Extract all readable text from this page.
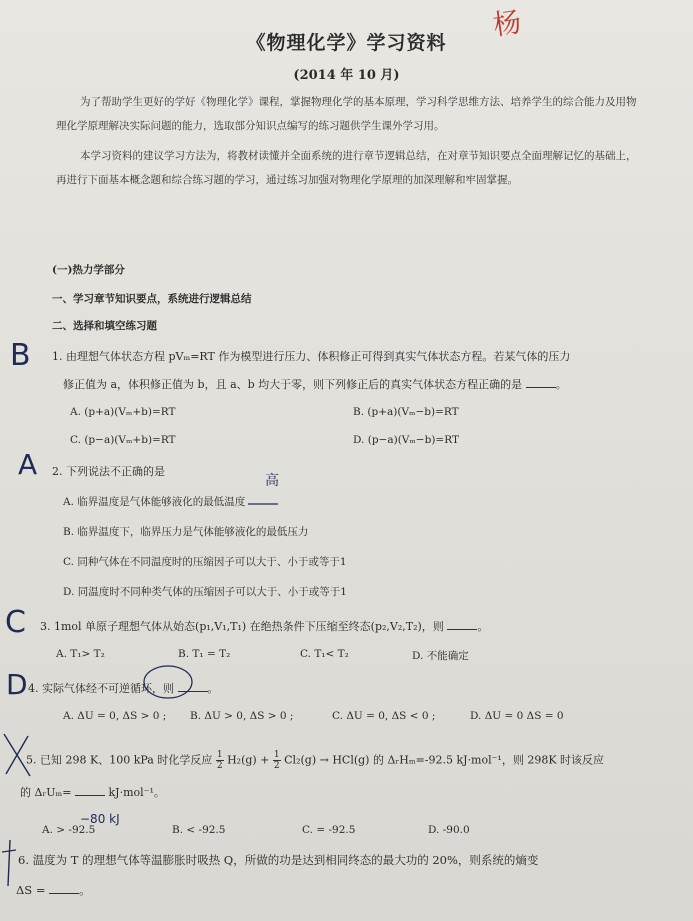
《物理化学》学习资料
杨
(2014 年 10 月)
为了帮助学生更好的学好《物理化学》课程，掌握物理化学的基本原理，学习科学思维方法、培养学生的综合能力及用物理化学原理解决实际问题的能力，选取部分知识点编写的练习题供学生课外学习用。
本学习资料的建议学习方法为，将教材读懂并全面系统的进行章节逻辑总结，在对章节知识要点全面理解记忆的基础上，再进行下面基本概念题和综合练习题的学习，通过练习加强对物理化学原理的加深理解和牢固掌握。
(一)热力学部分
一、学习章节知识要点，系统进行逻辑总结
二、选择和填空练习题
B 1. 由理想气体状态方程 pVₘ=RT 作为模型进行压力、体积修正可得到真实气体状态方程。若某气体的压力
修正值为 a，体积修正值为 b，且 a、b 均大于零，则下列修正后的真实气体状态方程正确的是	。
A. (p+a)(Vₘ+b)=RT	B. (p+a)(Vₘ−b)=RT
C. (p−a)(Vₘ+b)=RT	D. (p−a)(Vₘ−b)=RT
A 2. 下列说法不正确的是
高
A. 临界温度是气体能够液化的最低温度
B. 临界温度下，临界压力是气体能够液化的最低压力
C. 同种气体在不同温度时的压缩因子可以大于、小于或等于1
D. 同温度时不同种类气体的压缩因子可以大于、小于或等于1
C 3. 1mol 单原子理想气体从始态(p₁,V₁,T₁) 在绝热条件下压缩至终态(p₂,V₂,T₂)，则	。
A. T₁> T₂	B. T₁ = T₂	C. T₁< T₂	D. 不能确定
D 4. 实际气体经不可逆循环，则	。
A. ΔU = 0, ΔS > 0 ; B. ΔU > 0, ΔS > 0 ;	C. ΔU = 0, ΔS < 0 ;	D. ΔU = 0 ΔS = 0
5. 已知 298 K、100 kPa 时化学反应 $\frac{1}{2} H_2(g) + \frac{1}{2} Cl_2(g) \to HCl(g)$ 的 ΔᵣHₘ=-92.5 kJ·mol⁻¹，则 298K 时该反应
的 ΔᵣUₘ=	kJ·mol⁻¹。
−80 kJ
A. > -92.5	B. < -92.5	C. = -92.5	D. -90.0
6. 温度为 T 的理想气体等温膨胀时吸热 Q，所做的功是达到相同终态的最大功的 20%，则系统的熵变
ΔS =	。
